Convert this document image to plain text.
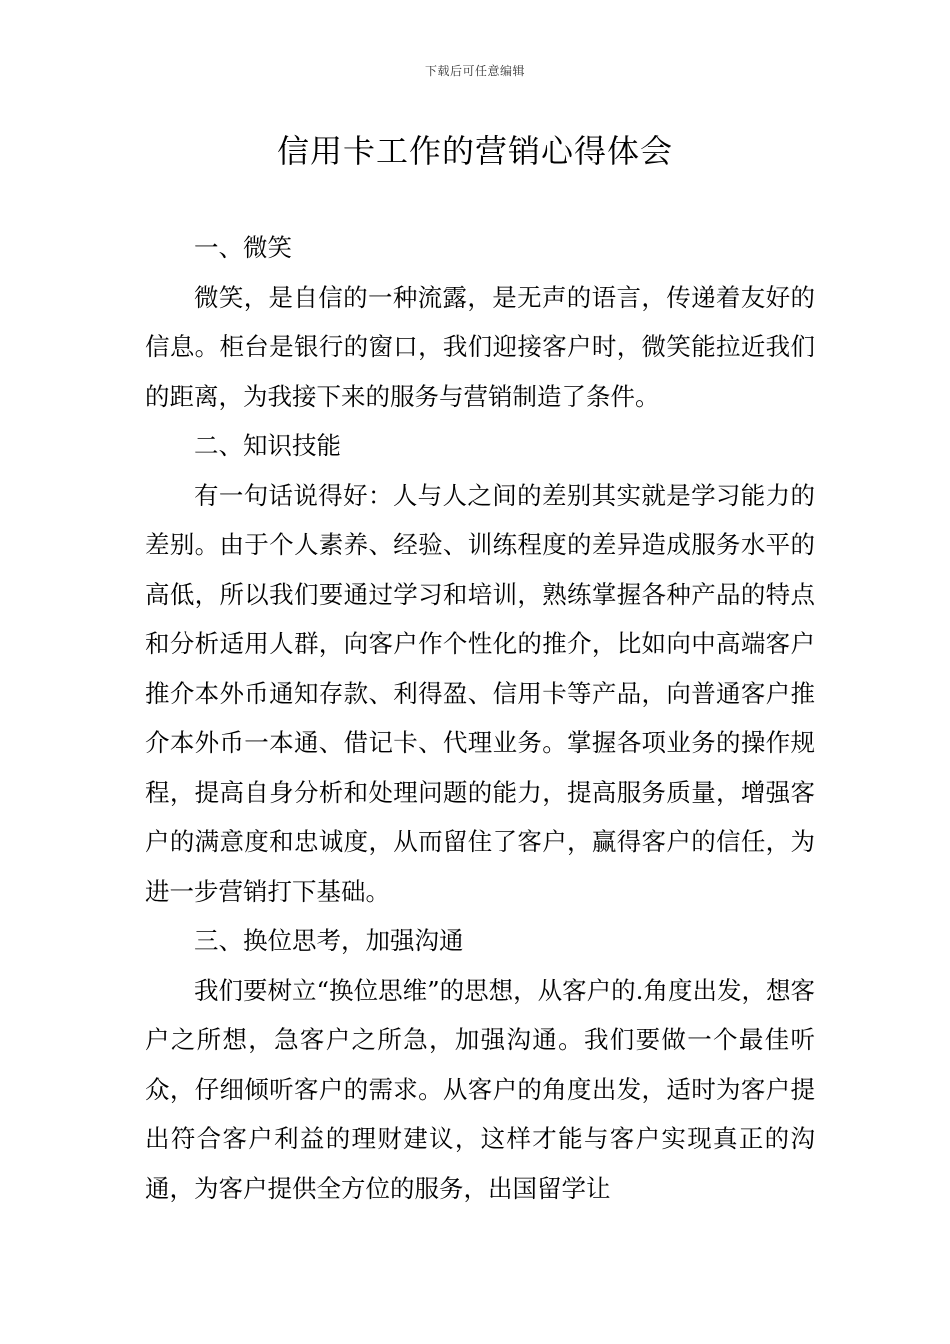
下载后可任意编辑
信用卡工作的营销心得体会

一、微笑

微笑，是自信的一种流露，是无声的语言，传递着友好的信息。柜台是银行的窗口，我们迎接客户时，微笑能拉近我们的距离，为我接下来的服务与营销制造了条件。

二、知识技能

有一句话说得好：人与人之间的差别其实就是学习能力的差别。由于个人素养、经验、训练程度的差异造成服务水平的高低，所以我们要通过学习和培训，熟练掌握各种产品的特点和分析适用人群，向客户作个性化的推介，比如向中高端客户推介本外币通知存款、利得盈、信用卡等产品，向普通客户推介本外币一本通、借记卡、代理业务。掌握各项业务的操作规程，提高自身分析和处理问题的能力，提高服务质量，增强客户的满意度和忠诚度，从而留住了客户，赢得客户的信任，为进一步营销打下基础。

三、换位思考，加强沟通

我们要树立“换位思维”的思想，从客户的.角度出发，想客户之所想，急客户之所急，加强沟通。我们要做一个最佳听众，仔细倾听客户的需求。从客户的角度出发，适时为客户提出符合客户利益的理财建议，这样才能与客户实现真正的沟通，为客户提供全方位的服务，出国留学让
